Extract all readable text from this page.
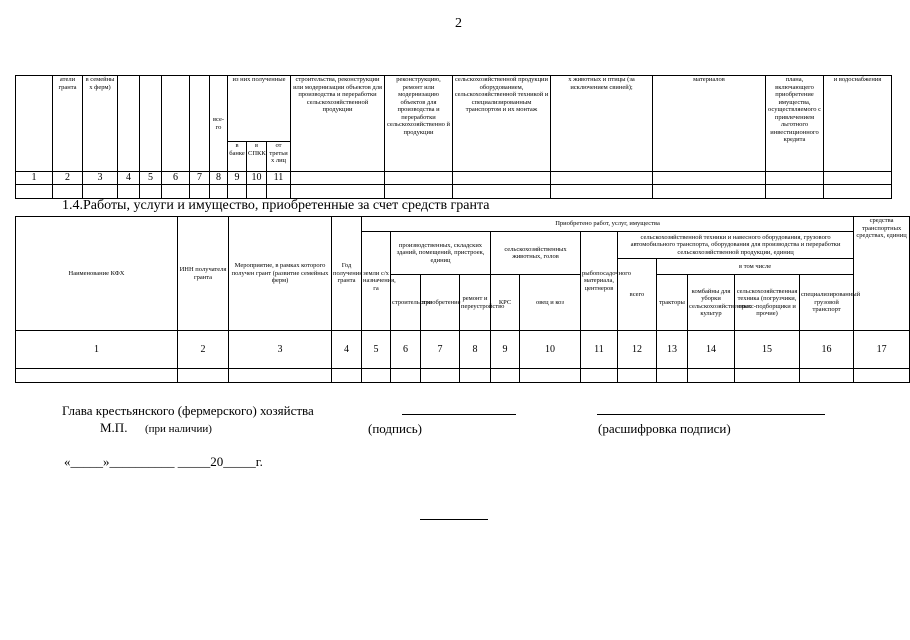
2
	атели гранта	в семейны х ферм)					все- го	из них полученные			строительства, реконструкции или модернизации объектов для производства и переработки сельскохозяйственной продукции	реконструкцию, ремонт или модернизацию объектов для производства и переработки сельскохозяйственно й продукции	сельскохозяйственной продукции оборудованием, сельскохозяйственной техникой и специализированным транспортом и их монтаж	х животных и птицы (за исключением свиней);	материалов	плана, включающего приобретение имущества, осуществляемого с привлечением льготного инвестиционного кредита	и водоснабжения
								в банке	в СПКК	от третьи х лиц							
1	2	3	4	5	6	7	8	9	10	11							

1.4.Работы, услуги и имущество, приобретенные за счет средств гранта
Наименование КФХ	ИНН получателя гранта	Мероприятие, в рамках которого получен грант (развитие семейных ферм)	Год получения гранта	Приобретено работ, услуг, имущества												средства транспортных средствах, единиц
				земли с/х назначения, га	производственных, складских зданий, помещений, пристроек, единиц			сельскохозяйственных животных, голов		рыбопосадочного материала, центнеров	сельскохозяйственной техники и навесного оборудования, грузового автомобильного транспорта, оборудования для производства и переработки сельскохозяйственной продукции, единиц					
											всего	в том числе				
					строительство	приобретение	ремонт и переустройство	КРС	овец и коз			тракторы	комбайны для уборки сельскохозяйственных культур	сельскохозяйственная техника (погрузчики, пресс-подборщики и прочие)	специализированный грузовой транспорт	

1	2	3	4	5	6	7	8	9	10	11	12	13	14	15	16	17

Глава крестьянского (фермерского) хозяйства
М.П. (при наличии)	(подпись)	(расшифровка подписи)
«_____»__________ _____20_____г.
